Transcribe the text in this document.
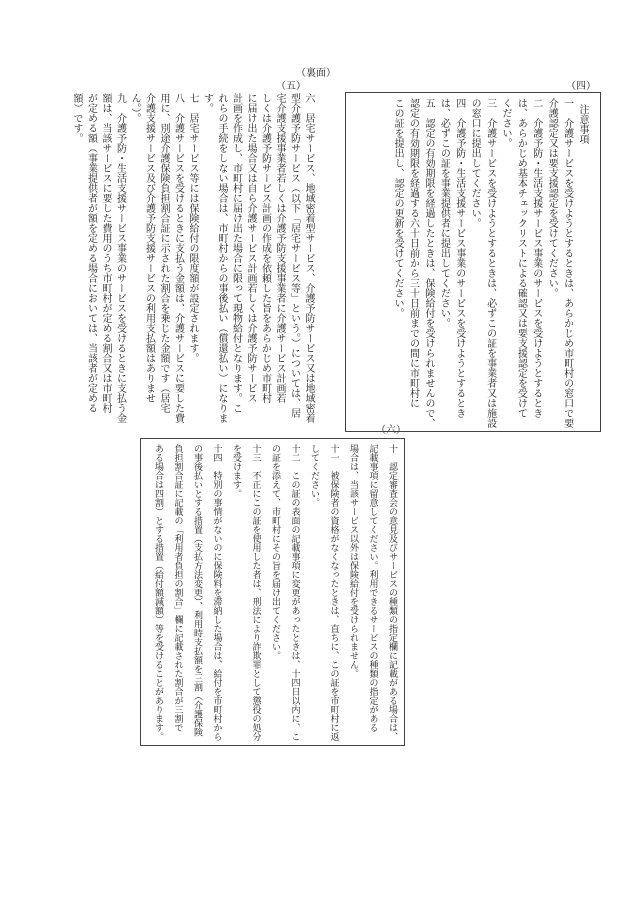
（裏面）
（五）	（四）
（六）
注意事項
一　介護サービスを受けようとするときは、あらかじめ市町村の窓口で要
介護認定又は要支援認定を受けてください。
二　介護予防・生活支援サービス事業のサービスを受けようとするとき
は、あらかじめ基本チェックリストによる確認又は要支援認定を受けて
ください。
三　介護サービスを受けようとするときは、必ずこの証を事業者又は施設
の窓口に提出してください。
四　介護予防・生活支援サービス事業のサービスを受けようとするとき
は、必ずこの証を事業提供者に提出してください。
五　認定の有効期限を経過したときは、保険給付を受けられませんので、
認定の有効期限を経過する六十日前から三十日前までの間に市町村に
この証を提出し、認定の更新を受けてください。
六　居宅サービス、地域密着型サービス、介護予防サービス又は地域密着
型介護予防サービス（以下「居宅サービス等」という。）については、居
宅介護支援事業者若しくは介護予防支援事業者に介護サービス計画若
しくは介護予防サービス計画の作成を依頼した旨をあらかじめ市町村
に届け出た場合又は自ら介護サービス計画若しくは介護予防サービス
計画を作成し、市町村に届け出た場合に限って現物給付となります。こ
れらの手続をしない場合は、市町村からの事後払い（償還払い）になりま
す。
七　居宅サービス等には保険給付の限度額が設定されます。
八　介護サービスを受けるときに支払う金額は、介護サービスに要した費
用に、別途介護保険負担割合証に示された割合を乗じた金額です（居宅
介護支援サービス及び介護予防支援サービスの利用支払額はありませ
ん。）。
九　介護予防・生活支援サービス事業のサービスを受けるときに支払う金
額は、当該サービスに要した費用のうち市町村が定める割合又は市町村
が定める額（事業提供者が額を定める場合においては、当該者が定める
額）です。
十　認定審査会の意見及びサービスの種類の指定欄に記載がある場合は、
記載事項に留意してください。利用できるサービスの種類の指定がある
場合は、当該サービス以外は保険給付を受けられません。
十一　被保険者の資格がなくなったときは、直ちに、この証を市町村に返
してください。
十二　この証の表面の記載事項に変更があったときは、十四日以内に、こ
の証を添えて、市町村にその旨を届け出てください。
十三　不正にこの証を使用した者は、刑法により詐欺罪として懲役の処分
を受けます。
十四　特別の事情がないのに保険料を滞納した場合は、給付を市町村から
の事後払いとする措置（支払方法変更）、利用時支払額を三割（介護保険
負担割合証に記載の「利用者負担の割合」欄に記載された割合が三割で
ある場合は四割）とする措置（給付額減額）等を受けることがあります。
